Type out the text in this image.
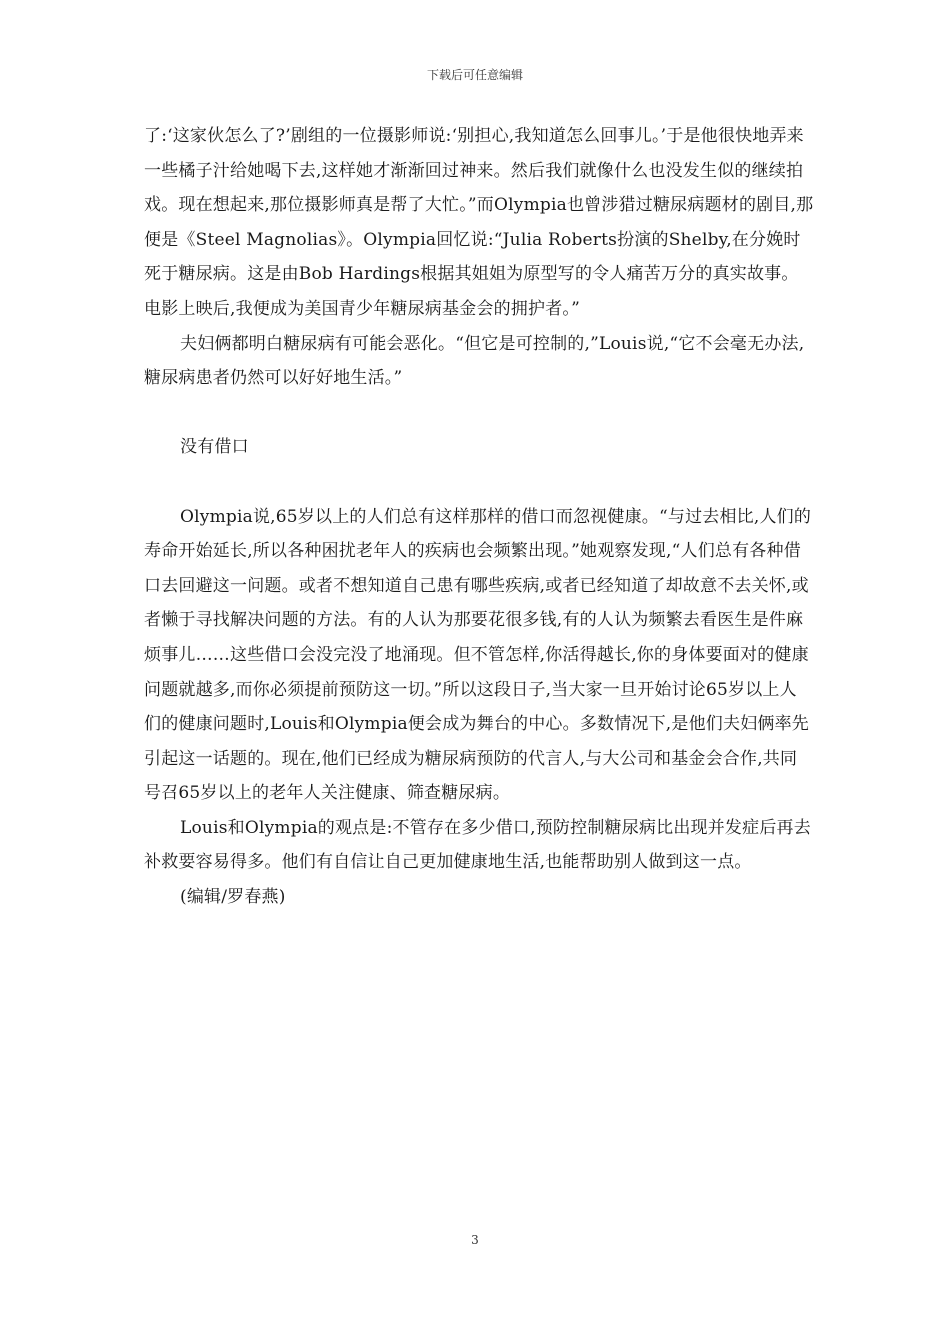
下载后可任意编辑

了:‘这家伙怎么了?’剧组的一位摄影师说:‘别担心,我知道怎么回事儿。’于是他很快地弄来一些橘子汁给她喝下去,这样她才渐渐回过神来。然后我们就像什么也没发生似的继续拍戏。现在想起来,那位摄影师真是帮了大忙。”而Olympia也曾涉猎过糖尿病题材的剧目,那便是《Steel Magnolias》。Olympia回忆说:“Julia Roberts扮演的Shelby,在分娩时死于糖尿病。这是由Bob Hardings根据其姐姐为原型写的令人痛苦万分的真实故事。电影上映后,我便成为美国青少年糖尿病基金会的拥护者。”

夫妇俩都明白糖尿病有可能会恶化。“但它是可控制的,”Louis说,“它不会毫无办法,糖尿病患者仍然可以好好地生活。”

没有借口

Olympia说,65岁以上的人们总有这样那样的借口而忽视健康。“与过去相比,人们的寿命开始延长,所以各种困扰老年人的疾病也会频繁出现。”她观察发现,“人们总有各种借口去回避这一问题。或者不想知道自己患有哪些疾病,或者已经知道了却故意不去关怀,或者懒于寻找解决问题的方法。有的人认为那要花很多钱,有的人认为频繁去看医生是件麻烦事儿……这些借口会没完没了地涌现。但不管怎样,你活得越长,你的身体要面对的健康问题就越多,而你必须提前预防这一切。”所以这段日子,当大家一旦开始讨论65岁以上人们的健康问题时,Louis和Olympia便会成为舞台的中心。多数情况下,是他们夫妇俩率先引起这一话题的。现在,他们已经成为糖尿病预防的代言人,与大公司和基金会合作,共同号召65岁以上的老年人关注健康、筛查糖尿病。

Louis和Olympia的观点是:不管存在多少借口,预防控制糖尿病比出现并发症后再去补救要容易得多。他们有自信让自己更加健康地生活,也能帮助别人做到这一点。

(编辑/罗春燕)

3
